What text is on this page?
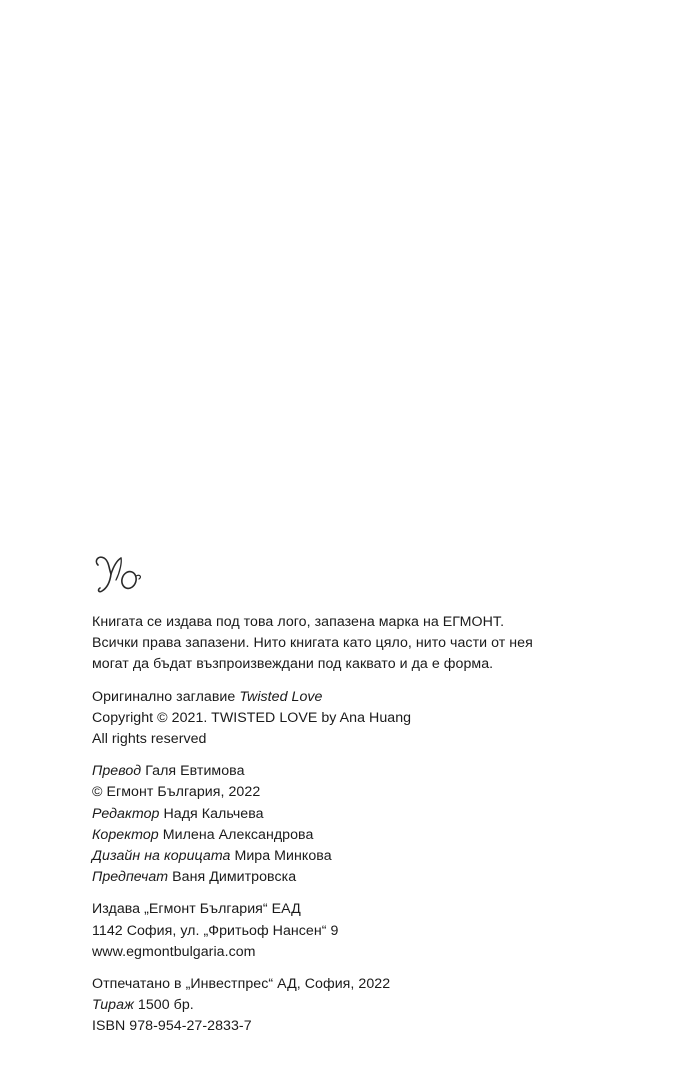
Книгата се издава под това лого, запазена марка на ЕГМОНТ.
Всички права запазени. Нито книгата като цяло, нито части от нея
могат да бъдат възпроизвеждани под каквато и да е форма.
Оригинално заглавие Twisted Love
Copyright © 2021. TWISTED LOVE by Ana Huang
All rights reserved
Превод Галя Евтимова
© Егмонт България, 2022
Редактор Надя Кальчева
Коректор Милена Александрова
Дизайн на корицата Мира Минкова
Предпечат Ваня Димитровска
Издава „Егмонт България“ ЕАД
1142 София, ул. „Фритьоф Нансен“ 9
www.egmontbulgaria.com
Отпечатано в „Инвестпрес“ АД, София, 2022
Тираж 1500 бр.
ISBN 978-954-27-2833-7
